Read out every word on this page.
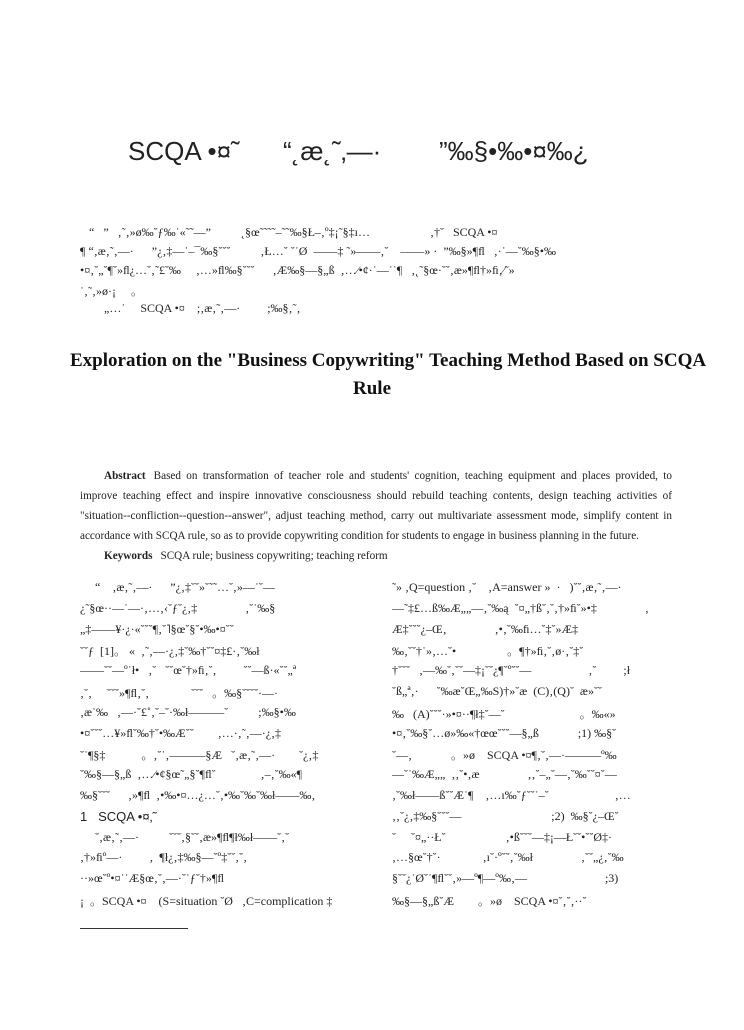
SCQA •¤˜      “˛æ˛˜‚—·        ”‰§•‰•¤‰¿
“   ”   ‚˜‚»ø‰˘ƒ‰˙«˜˜—”          ˛§œ˜˜˜˜–˜˜‰§Ł–‚º‡¡˜§‡ı…                    ‚†˘   SCQA •¤
¶ “‚æ‚˜‚—·      ”¿‚‡—˙–¯‰§˘˘˘          ‚Ł…˘ ˘˙Ø  ——‡ ˜»——‚˘    ——» ·  ”‰§»¶ﬂ   ‚·˙—˘‰§•‰
•¤‚˘„˘¶˘»ﬂ¿…˘‚˜£˘‰     ‚…»ﬂ‰§˘˘˘      ‚Æ‰§—§„ß  ‚…⁄•¢·˙—˙˙¶   ‚˛˜§œ·˘˘‚æ»¶ﬂ†»ﬁ‚⁄˜»
˙‚˜‚»ø·¡     。
„…˙     SCQA •¤    ;‚æ‚˜‚—·         ;‰§‚˜‚
Exploration on the "Business Copywriting" Teaching Method Based on SCQA
Rule
Abstract Based on transformation of teacher role and students' cognition, teaching equipment and places provided, to
improve teaching effect and inspire innovative consciousness should rebuild teaching contents, design teaching activities of
"situation--confliction--question--answer", adjust teaching method, carry out multivariate assessment mode, simplify content in
accordance with SCQA rule, so as to provide copywriting condition for students to engage in business planning in the future.
Keywords SCQA rule; business copywriting; teaching reform
“    ‚æ‚˜‚—·      ”¿‚‡˘˘»˘˜˜…˘‚»—˙˘—
¿˜§œ··—˙—·‚…‚‹˘ƒ˘¿‚‡                ‚˘˙‰§
„‡——¥·¿·«˘˘˘¶‚˘˥§œ˘§˘•‰•¤˘˘
˘˘ƒ  [1]。 «  ‚˜‚—·¿‚‡˘‰†˘˘¤‡£·‚˘‰ł
——˘˘—º˙ł•   ‚˘   ˘˘œ˘†»ﬁ‚˘‚         ˘˘—ß·«˘˘„ª
‚˘‚     ˘˘˘»¶ﬂ‚˘‚              ˘˘˘   。‰§˘˘˘˘·—·
‚æ˙‰   ‚—·˘£˚‚˘–˘·‰ł———˘          ;‰§•‰
•¤˘˘˘…¥»ﬂ˘‰†˘•‰Æ˘˘        ‚…·‚˜‚—·¿‚‡
˘˙¶§‡            。‚˘˙‚———§Æ   ˘‚æ‚˜‚—·        ˘¿‚‡
˘‰§—§„ß  ‚…⁄•¢§œ˜„§˘¶ﬂ˘               ‚–‚˘‰«¶
‰§˘˘˘      ‚»¶ﬂ  ‚•‰•¤…¿…˘‚•‰˘‰˘‰ł——‰‚
1   SCQA •¤‚˜
˘‚æ‚˜‚—·          ˘˘˘‚§˘˘‚æ»¶ﬂ¶ł‰ł——˘‚˘
‚†»ﬁº—·         ‚  ¶ł¿‚‡‰§—˘º‡˘˘‚˘‚
··»œ˘º•¤˙˙Æ§œ‚˘‚—·˘˙ƒ˘†»¶ﬂ
¡  。SCQA •¤    (S=situation ˘Ø   ‚C=complication ‡
˜» ‚Q=question ‚˘    ‚A=answer »  ·   )˘˘‚æ‚˜‚—·
—˜‡£…ß‰Æ„„—‚˘‰ą  ˘¤„†ß˘‚˘‚†»ﬁ˘»•‡                ‚
Æ‡˘˘˘¿–Œ‚                ‚•‚˘‰ﬁ…˘‡˘»Æ‡
‰‚˘˘†˙»‚…˘•                 。¶†»ﬁ‚˘‚ø·‚˘‡˘
†˘˘˘   ‚—‰˘‚˘˘—‡¡˘˘¿¶˘º˘˘—                   ‚˘         ;ł
˘ß„ª‚·      ˘‰æ˘Œ„‰S)†»˘æ  (C)‚(Q)˘  æ»˘˘
‰   (A)˘˘˘·»•¤··¶ł‡˘—˘                         。‰«»
•¤‚˘‰§˘…ø»‰«†œœ˘˘˘—§„ß             ;1) ‰§˘
˘—‚             。»ø    SCQA •¤¶‚˘‚—·———º‰
—˘˙‰Æ„„  ‚‚˘•‚æ                ‚‚˘–„˘—‚˘‰˘˘¤˘—
‚˘‰ł——ß˘˘Æ˙¶    ‚…ı‰˘ƒ˘˘˙–˘                      ‚…
‚‚˘¿‚‡‰§˘˘˘—                              ;2)  ‰§˘¿–Œ˘
˘     ˘¤„··Ł˘                    ‚•ß˘˘˘—‡¡—Ł˘˘•˘˘Ø‡·
‚…§œ˘†˘·              ‚ı˘·º˘˘‚˘‰ł                ‚˘˘„¿‚˘‰
§˘˘¿˙Ø˘˙¶ﬂ˘˘‚»—º¶—º‰‚—                          ;3)
‰§—§„ß˘Æ        。»ø    SCQA •¤˘‚˘‚··˘
